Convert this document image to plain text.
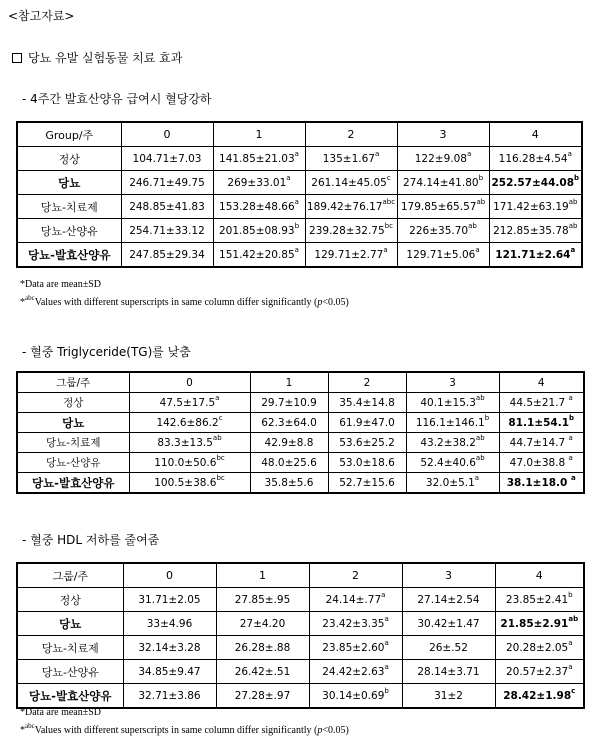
<참고자료>
당뇨 유발 실험동물 치료 효과
- 4주간 발효산양유 급여시 혈당강하
Group/주	0	1	2	3	4
정상	104.71±7.03	141.85±21.03$^a$	135±1.67$^a$	122±9.08$^a$	116.28±4.54$^a$
당뇨	246.71±49.75	269±33.01$^a$	261.14±45.05$^c$	274.14±41.80$^b$	252.57±44.08$^b$
당뇨-치료제	248.85±41.83	153.28±48.66$^a$	189.42±76.17$^{abc}$	179.85±65.57$^{ab}$	171.42±63.19$^{ab}$
당뇨-산양유	254.71±33.12	201.85±08.93$^b$	239.28±32.75$^{bc}$	226±35.70$^{ab}$	212.85±35.78$^{ab}$
당뇨-발효산양유	247.85±29.34	151.42±20.85$^a$	129.71±2.77$^a$	129.71±5.06$^a$	121.71±2.64$^a$
*Data are mean±SD
*$^{abc}$Values with different superscripts in same column differ significantly (p<0.05)
- 혈중 Triglyceride(TG)를 낮춤
그룹/주	0	1	2	3	4
정상	47.5±17.5$^a$	29.7±10.9	35.4±14.8	40.1±15.3$^{ab}$	44.5±21.7 $^a$
당뇨	142.6±86.2$^c$	62.3±64.0	61.9±47.0	116.1±146.1$^b$	81.1±54.1$^b$
당뇨-치료제	83.3±13.5$^{ab}$	42.9±8.8	53.6±25.2	43.2±38.2$^{ab}$	44.7±14.7 $^a$
당뇨-산양유	110.0±50.6$^{bc}$	48.0±25.6	53.0±18.6	52.4±40.6$^{ab}$	47.0±38.8 $^a$
당뇨-발효산양유	100.5±38.6$^{bc}$	35.8±5.6	52.7±15.6	32.0±5.1$^a$	38.1±18.0 $^a$
- 혈중 HDL 저하를 줄여줌
그룹/주	0	1	2	3	4
정상	31.71±2.05	27.85±.95	24.14±.77$^a$	27.14±2.54	23.85±2.41$^b$
당뇨	33±4.96	27±4.20	23.42±3.35$^a$	30.42±1.47	21.85±2.91$^{ab}$
당뇨-치료제	32.14±3.28	26.28±.88	23.85±2.60$^a$	26±.52	20.28±2.05$^a$
당뇨-산양유	34.85±9.47	26.42±.51	24.42±2.63$^a$	28.14±3.71	20.57±2.37$^a$
당뇨-발효산양유	32.71±3.86	27.28±.97	30.14±0.69$^b$	31±2	28.42±1.98$^c$
*Data are mean±SD
*$^{abc}$Values with different superscripts in same column differ significantly (p<0.05)
